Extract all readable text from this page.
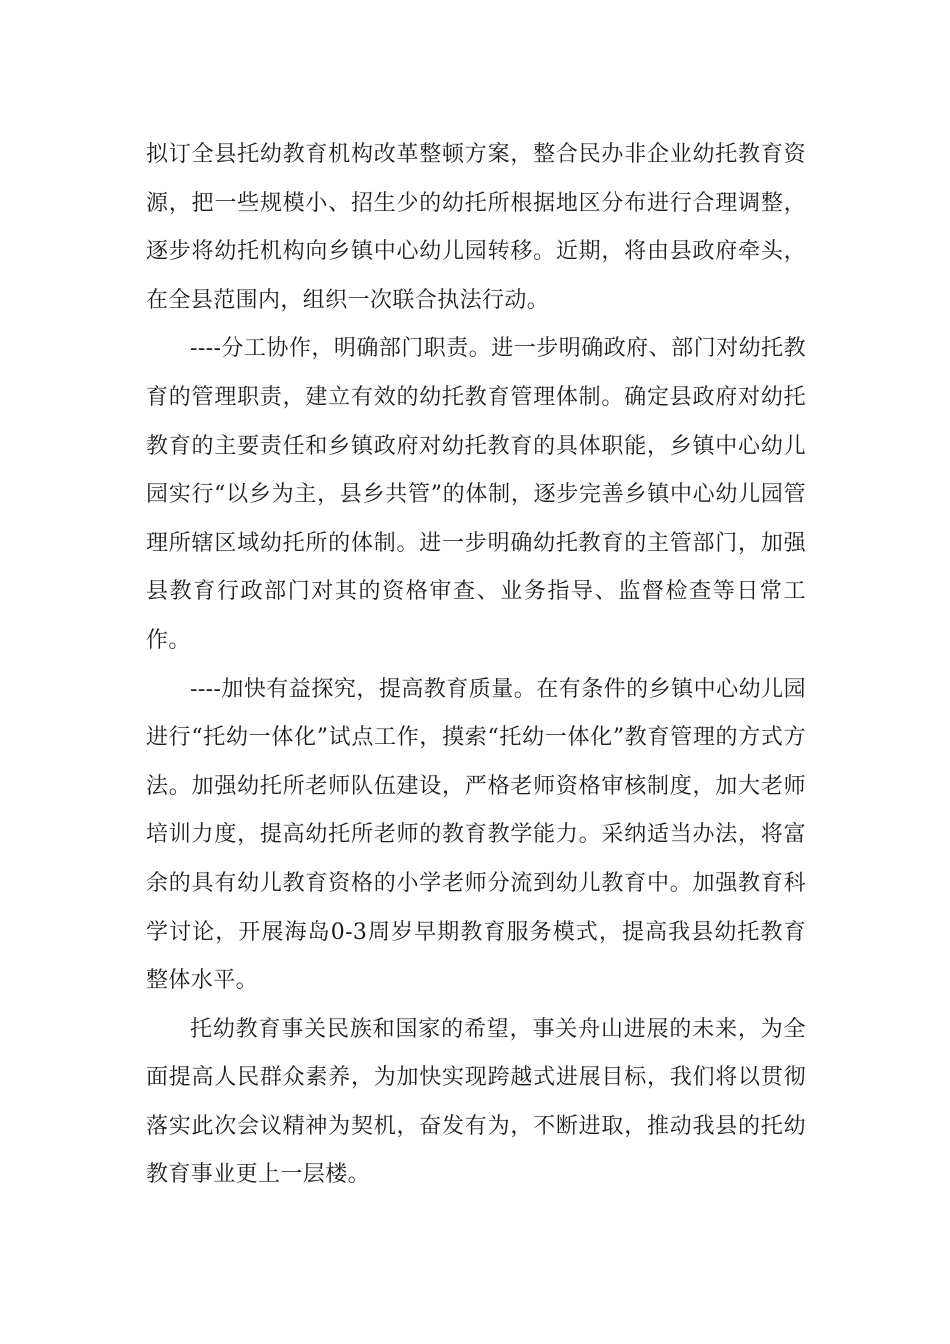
拟订全县托幼教育机构改革整顿方案，整合民办非企业幼托教育资源，把一些规模小、招生少的幼托所根据地区分布进行合理调整，逐步将幼托机构向乡镇中心幼儿园转移。近期，将由县政府牵头，在全县范围内，组织一次联合执法行动。

----分工协作，明确部门职责。进一步明确政府、部门对幼托教育的管理职责，建立有效的幼托教育管理体制。确定县政府对幼托教育的主要责任和乡镇政府对幼托教育的具体职能，乡镇中心幼儿园实行“以乡为主，县乡共管”的体制，逐步完善乡镇中心幼儿园管理所辖区域幼托所的体制。进一步明确幼托教育的主管部门，加强县教育行政部门对其的资格审查、业务指导、监督检查等日常工作。

----加快有益探究，提高教育质量。在有条件的乡镇中心幼儿园进行“托幼一体化”试点工作，摸索“托幼一体化”教育管理的方式方法。加强幼托所老师队伍建设，严格老师资格审核制度，加大老师培训力度，提高幼托所老师的教育教学能力。采纳适当办法，将富余的具有幼儿教育资格的小学老师分流到幼儿教育中。加强教育科学讨论，开展海岛0-3周岁早期教育服务模式，提高我县幼托教育整体水平。

托幼教育事关民族和国家的希望，事关舟山进展的未来，为全面提高人民群众素养，为加快实现跨越式进展目标，我们将以贯彻落实此次会议精神为契机，奋发有为，不断进取，推动我县的托幼教育事业更上一层楼。
